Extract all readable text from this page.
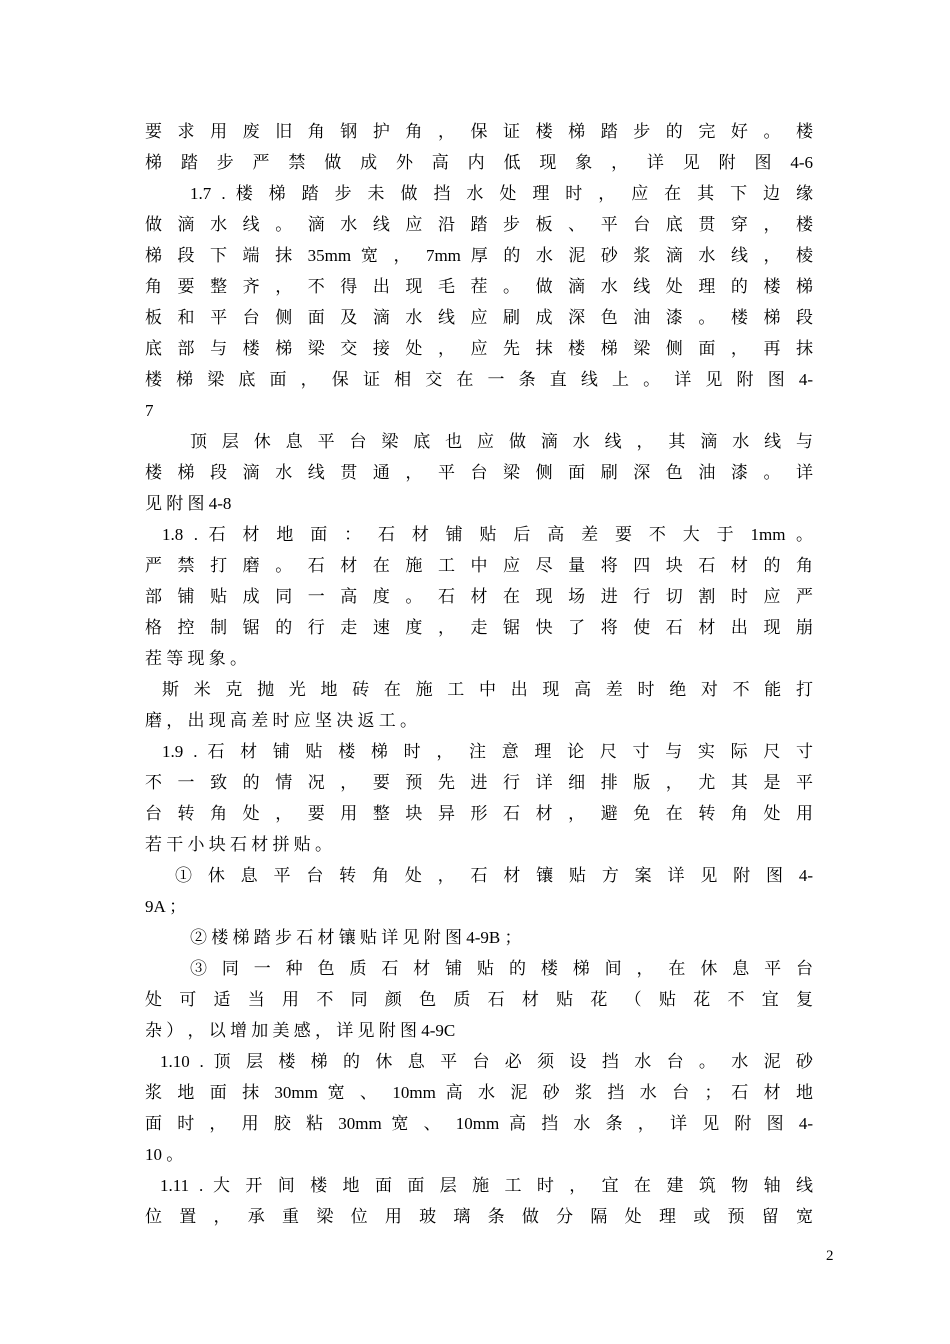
要 求 用 废 旧 角 钢 护 角 ， 保 证 楼 梯 踏 步 的 完 好 。 楼
梯 踏 步 严 禁 做 成 外 高 内 低 现 象 ， 详 见 附 图 4-6
1.7 . 楼 梯 踏 步 未 做 挡 水 处 理 时 ， 应 在 其 下 边 缘
做 滴 水 线 。 滴 水 线 应 沿 踏 步 板 、 平 台 底 贯 穿 ， 楼
梯 段 下 端 抹 35mm 宽 ， 7mm 厚 的 水 泥 砂 浆 滴 水 线 ， 棱
角 要 整 齐 ， 不 得 出 现 毛 茬 。 做 滴 水 线 处 理 的 楼 梯
板 和 平 台 侧 面 及 滴 水 线 应 刷 成 深 色 油 漆 。 楼 梯 段
底 部 与 楼 梯 梁 交 接 处 ， 应 先 抹 楼 梯 梁 侧 面 ， 再 抹
楼 梯 梁 底 面 ， 保 证 相 交 在 一 条 直 线 上 。 详 见 附 图 4-
7
顶 层 休 息 平 台 梁 底 也 应 做 滴 水 线 ， 其 滴 水 线 与
楼 梯 段 滴 水 线 贯 通 ， 平 台 梁 侧 面 刷 深 色 油 漆 。 详
见 附 图 4-8
1.8 . 石 材 地 面 ： 石 材 铺 贴 后 高 差 要 不 大 于 1mm 。
严 禁 打 磨 。 石 材 在 施 工 中 应 尽 量 将 四 块 石 材 的 角
部 铺 贴 成 同 一 高 度 。 石 材 在 现 场 进 行 切 割 时 应 严
格 控 制 锯 的 行 走 速 度 ， 走 锯 快 了 将 使 石 材 出 现 崩
茬 等 现 象 。
斯 米 克 抛 光 地 砖 在 施 工 中 出 现 高 差 时 绝 对 不 能 打
磨 ， 出 现 高 差 时 应 坚 决 返 工 。
1.9 . 石 材 铺 贴 楼 梯 时 ， 注 意 理 论 尺 寸 与 实 际 尺 寸
不 一 致 的 情 况 ， 要 预 先 进 行 详 细 排 版 ， 尤 其 是 平
台 转 角 处 ， 要 用 整 块 异 形 石 材 ， 避 免 在 转 角 处 用
若 干 小 块 石 材 拼 贴 。
① 休 息 平 台 转 角 处 ， 石 材 镶 贴 方 案 详 见 附 图 4-
9A ；
② 楼 梯 踏 步 石 材 镶 贴 详 见 附 图 4-9B ；
③ 同 一 种 色 质 石 材 铺 贴 的 楼 梯 间 ， 在 休 息 平 台
处 可 适 当 用 不 同 颜 色 质 石 材 贴 花 （ 贴 花 不 宜 复
杂 ） ， 以 增 加 美 感 ， 详 见 附 图 4-9C
1.10 . 顶 层 楼 梯 的 休 息 平 台 必 须 设 挡 水 台 。 水 泥 砂
浆 地 面 抹 30mm 宽 、 10mm 高 水 泥 砂 浆 挡 水 台 ； 石 材 地
面 时 ， 用 胶 粘 30mm 宽 、 10mm 高 挡 水 条 ， 详 见 附 图 4-
10 。
1.11 . 大 开 间 楼 地 面 面 层 施 工 时 ， 宜 在 建 筑 物 轴 线
位 置 ， 承 重 梁 位 用 玻 璃 条 做 分 隔 处 理 或 预 留 宽
2
